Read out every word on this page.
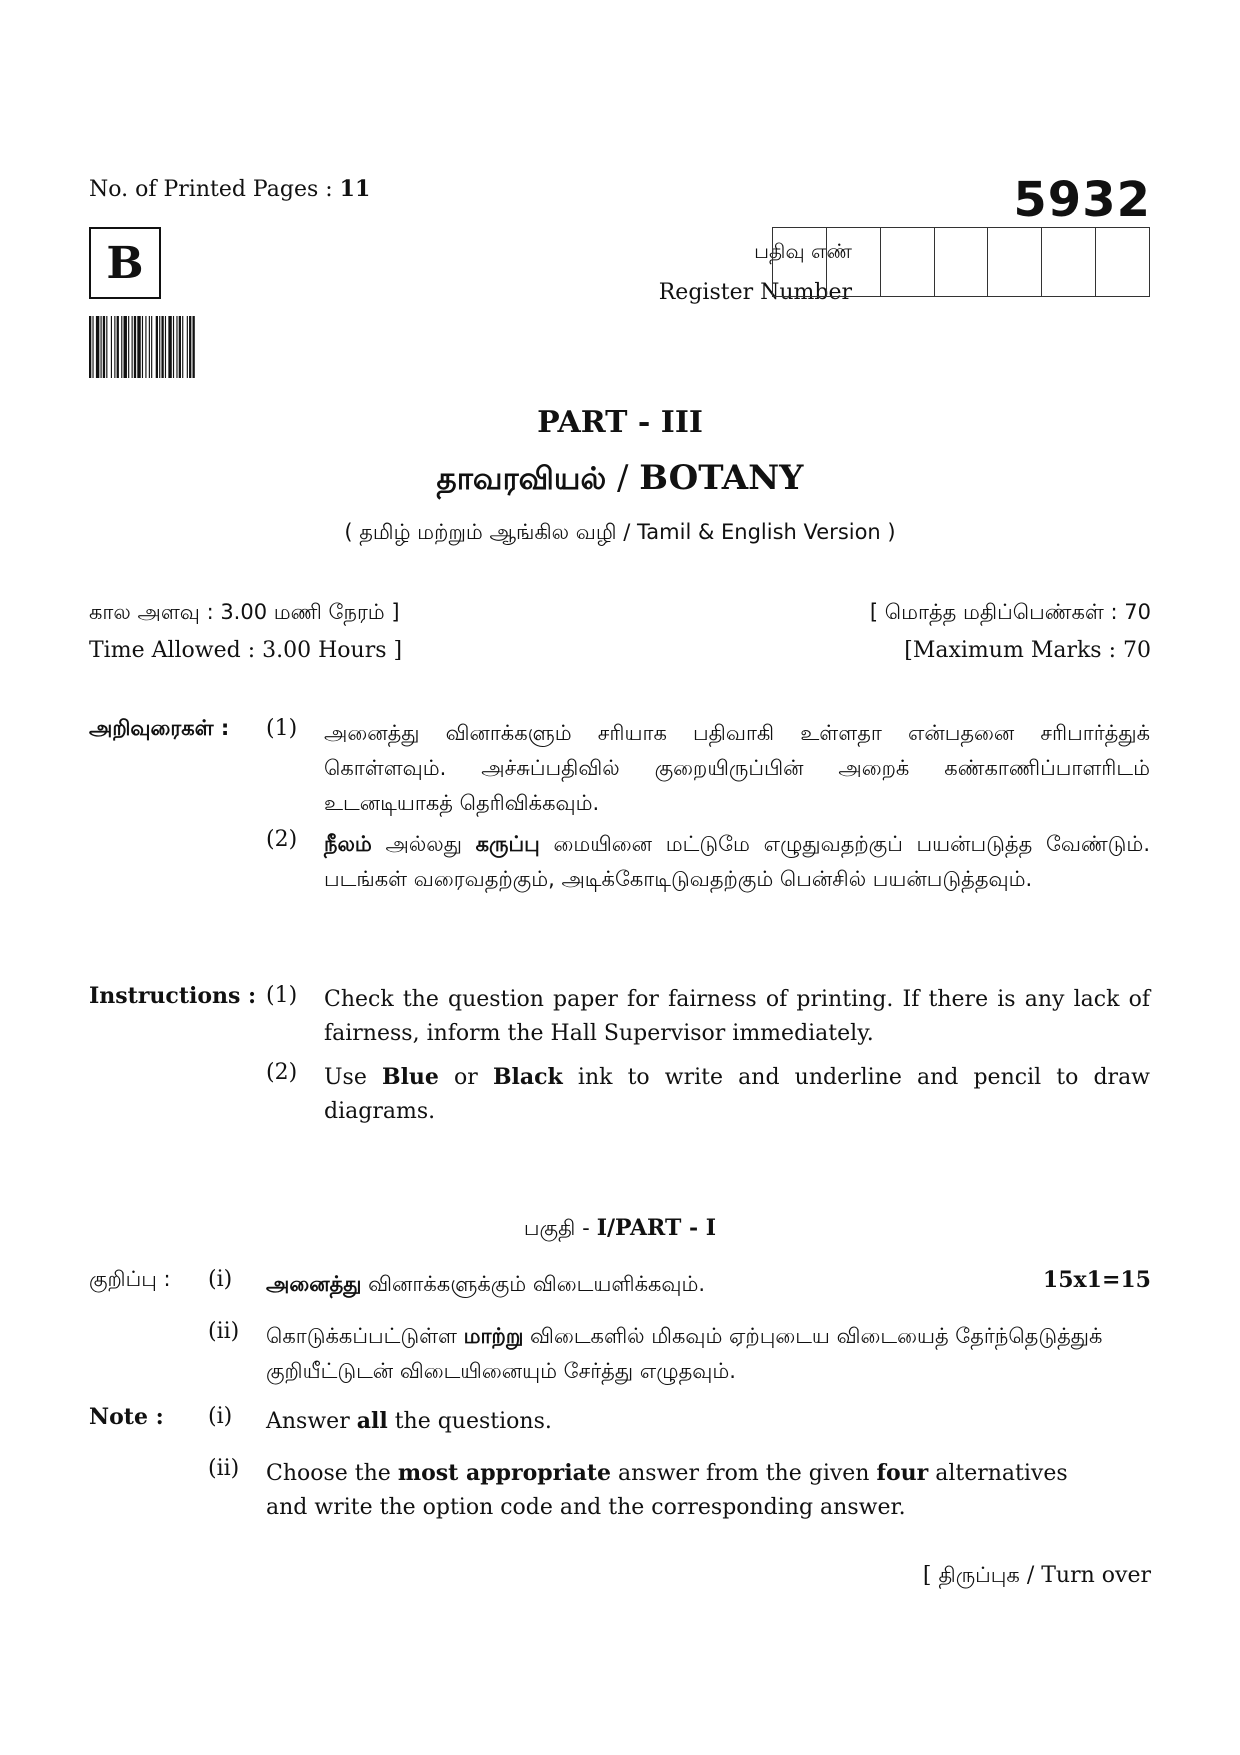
No. of Printed Pages : 11	5932
B	பதிவு எண்
Register Number
PART - III
தாவரவியல் / BOTANY
( தமிழ் மற்றும் ஆங்கில வழி / Tamil & English Version )
கால அளவு : 3.00 மணி நேரம் ]
Time Allowed : 3.00 Hours ]
[ மொத்த மதிப்பெண்கள் : 70
[Maximum Marks : 70
அறிவுரைகள் : (1) அனைத்து வினாக்களும் சரியாக பதிவாகி உள்ளதா என்பதனை சரிபார்த்துக் கொள்ளவும். அச்சுப்பதிவில் குறையிருப்பின் அறைக் கண்காணிப்பாளரிடம் உடனடியாகத் தெரிவிக்கவும்.
(2) நீலம் அல்லது கருப்பு மையினை மட்டுமே எழுதுவதற்குப் பயன்படுத்த வேண்டும். படங்கள் வரைவதற்கும், அடிக்கோடிடுவதற்கும் பென்சில் பயன்படுத்தவும்.
Instructions : (1) Check the question paper for fairness of printing. If there is any lack of fairness, inform the Hall Supervisor immediately.
(2) Use Blue or Black ink to write and underline and pencil to draw diagrams.
பகுதி - I/PART - I
குறிப்பு : (i) அனைத்து வினாக்களுக்கும் விடையளிக்கவும்.	15x1=15
(ii) கொடுக்கப்பட்டுள்ள மாற்று விடைகளில் மிகவும் ஏற்புடைய விடையைத் தேர்ந்தெடுத்துக் குறியீட்டுடன் விடையினையும் சேர்த்து எழுதவும்.
Note : (i) Answer all the questions.
(ii) Choose the most appropriate answer from the given four alternatives and write the option code and the corresponding answer.
[ திருப்புக / Turn over
